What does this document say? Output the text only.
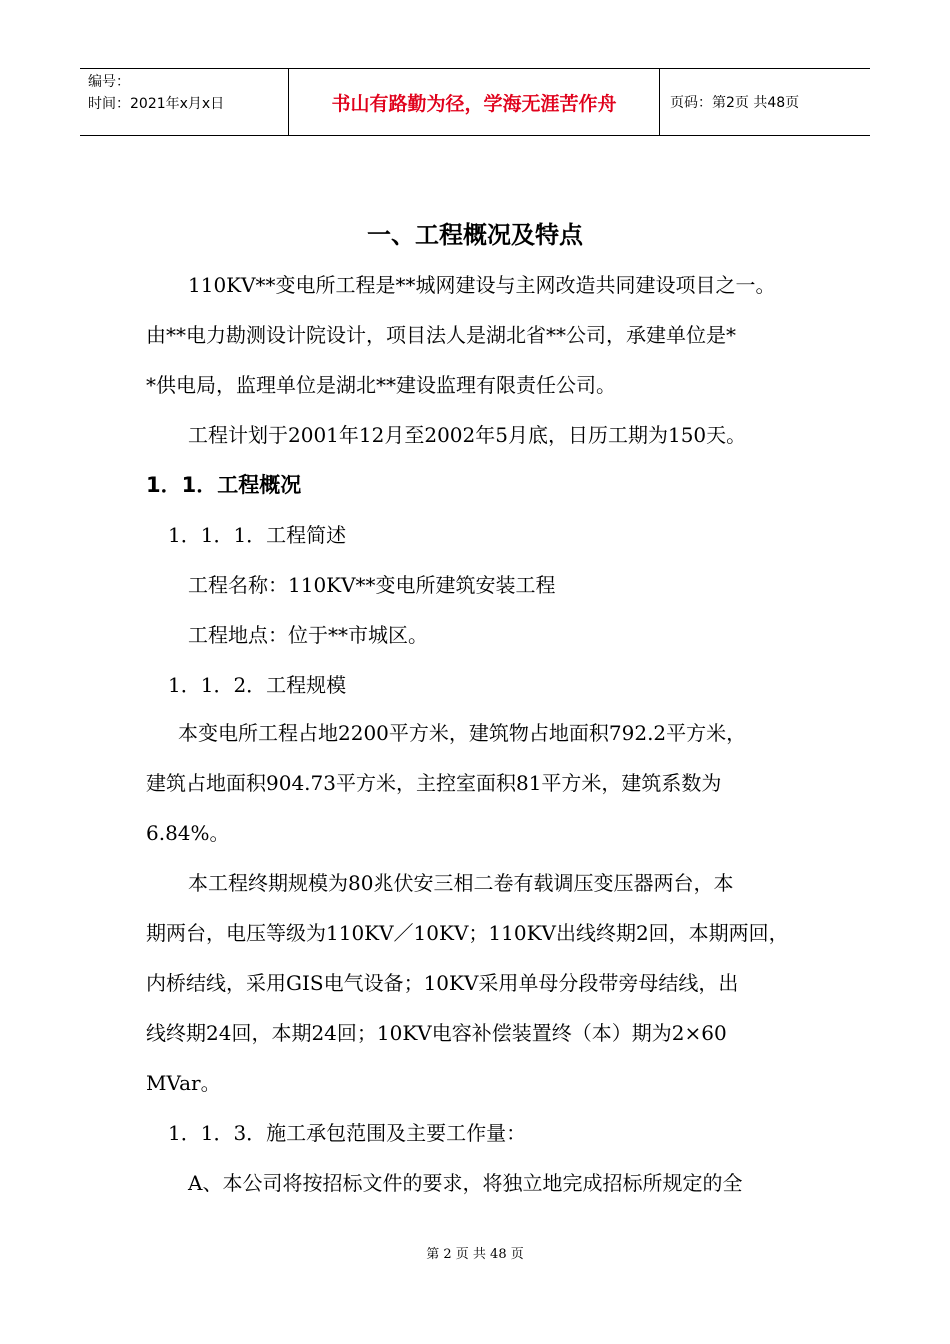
编号：
时间：2021年x月x日	书山有路勤为径，学海无涯苦作舟	页码：第2页 共48页
一、工程概况及特点
110KV**变电所工程是**城网建设与主网改造共同建设项目之一。
由**电力勘测设计院设计，项目法人是湖北省**公司，承建单位是*
*供电局，监理单位是湖北**建设监理有限责任公司。
工程计划于2001年12月至2002年5月底，日历工期为150天。
1．1．工程概况
1．1．1．工程简述
工程名称：110KV**变电所建筑安装工程
工程地点：位于**市城区。
1．1．2．工程规模
本变电所工程占地2200平方米，建筑物占地面积792.2平方米，
建筑占地面积904.73平方米，主控室面积81平方米，建筑系数为
6.84%。
本工程终期规模为80兆伏安三相二卷有载调压变压器两台，本
期两台，电压等级为110KV／10KV；110KV出线终期2回，本期两回，
内桥结线，采用GIS电气设备；10KV采用单母分段带旁母结线，出
线终期24回，本期24回；10KV电容补偿装置终（本）期为2×60
MVar。
1．1．3．施工承包范围及主要工作量：
A、本公司将按招标文件的要求，将独立地完成招标所规定的全
第 2 页 共 48 页
